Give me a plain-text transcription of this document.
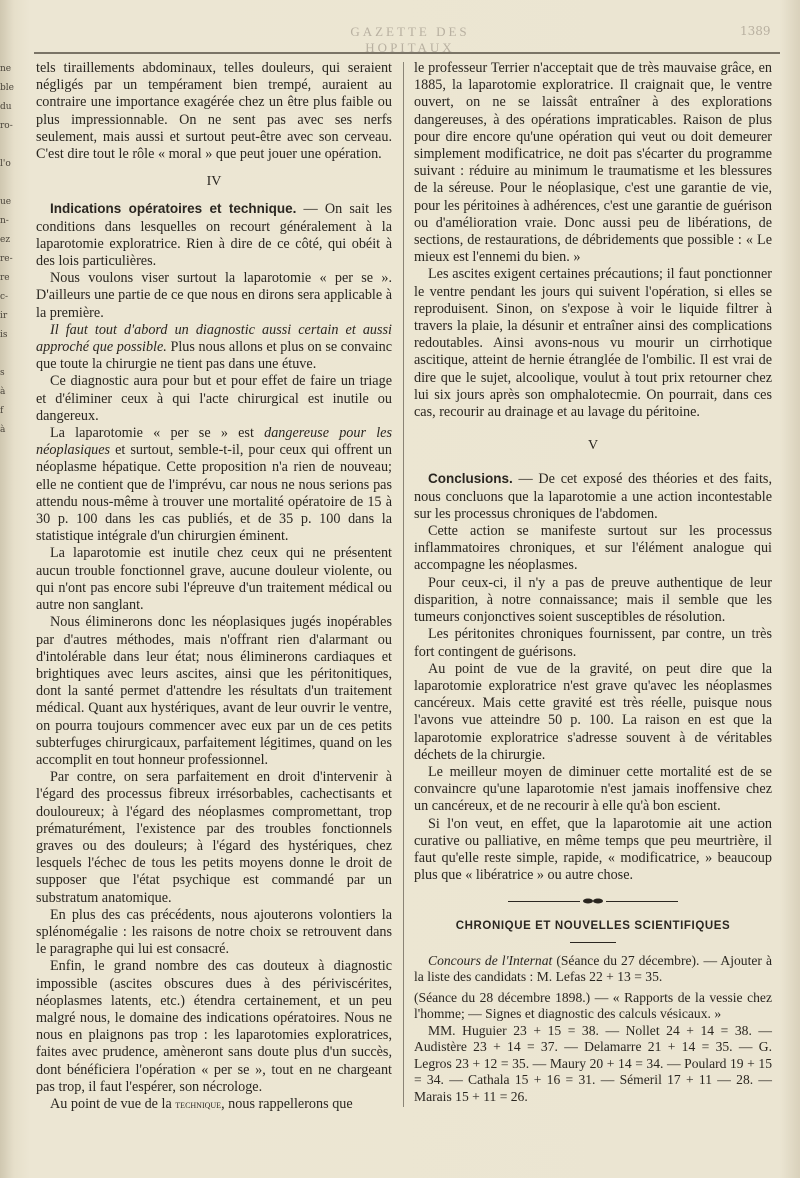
ne
ble
du
ro-

l'o

ue
n-
ez
re-
re
c-
ir
is

s
à
f
à
GAZETTE DES HOPITAUX
1389

tels tiraillements abdominaux, telles douleurs, qui seraient négligés par un tempérament bien trempé, auraient au contraire une importance exagérée chez un être plus faible ou plus impressionnable. On ne sent pas avec ses nerfs seulement, mais aussi et surtout peut-être avec son cerveau. C'est dire tout le rôle « moral » que peut jouer une opération.

IV

Indications opératoires et technique. — On sait les conditions dans lesquelles on recourt généralement à la laparotomie exploratrice. Rien à dire de ce côté, qui obéit à des lois particulières.

Nous voulons viser surtout la laparotomie « per se ». D'ailleurs une partie de ce que nous en dirons sera applicable à la première.

Il faut tout d'abord un diagnostic aussi certain et aussi approché que possible. Plus nous allons et plus on se convainc que toute la chirurgie ne tient pas dans une étuve.

Ce diagnostic aura pour but et pour effet de faire un triage et d'éliminer ceux à qui l'acte chirurgical est inutile ou dangereux.

La laparotomie « per se » est dangereuse pour les néoplasiques et surtout, semble-t-il, pour ceux qui offrent un néoplasme hépatique. Cette proposition n'a rien de nouveau; elle ne contient que de l'imprévu, car nous ne nous serions pas attendu nous-même à trouver une mortalité opératoire de 15 à 30 p. 100 dans les cas publiés, et de 35 p. 100 dans la statistique intégrale d'un chirurgien éminent.

La laparotomie est inutile chez ceux qui ne présentent aucun trouble fonctionnel grave, aucune douleur violente, ou qui n'ont pas encore subi l'épreuve d'un traitement médical ou autre non sanglant.

Nous éliminerons donc les néoplasiques jugés inopérables par d'autres méthodes, mais n'offrant rien d'alarmant ou d'intolérable dans leur état; nous éliminerons cardiaques et brightiques avec leurs ascites, ainsi que les péritonitiques, dont la santé permet d'attendre les résultats d'un traitement médical. Quant aux hystériques, avant de leur ouvrir le ventre, on pourra toujours commencer avec eux par un de ces petits subterfuges chirurgicaux, parfaitement légitimes, quand on les accomplit en tout honneur professionnel.

Par contre, on sera parfaitement en droit d'intervenir à l'égard des processus fibreux irrésorbables, cachectisants et douloureux; à l'égard des néoplasmes compromettant, trop prématurément, l'existence par des troubles fonctionnels graves ou des douleurs; à l'égard des hystériques, chez lesquels l'échec de tous les petits moyens donne le droit de supposer que l'état psychique est commandé par un substratum anatomique.

En plus des cas précédents, nous ajouterons volontiers la splénomégalie : les raisons de notre choix se retrouvent dans le paragraphe qui lui est consacré.

Enfin, le grand nombre des cas douteux à diagnostic impossible (ascites obscures dues à des périviscérites, néoplasmes latents, etc.) étendra certainement, et un peu malgré nous, le domaine des indications opératoires. Nous ne nous en plaignons pas trop : les laparotomies exploratrices, faites avec prudence, amèneront sans doute plus d'un succès, dont bénéficiera l'opération « per se », tout en ne chargeant pas trop, il faut l'espérer, son nécrologe.

Au point de vue de la technique, nous rappellerons que

le professeur Terrier n'acceptait que de très mauvaise grâce, en 1885, la laparotomie exploratrice. Il craignait que, le ventre ouvert, on ne se laissât entraîner à des explorations dangereuses, à des opérations impraticables. Raison de plus pour dire encore qu'une opération qui veut ou doit demeurer simplement modificatrice, ne doit pas s'écarter du programme suivant : réduire au minimum le traumatisme et les blessures de la séreuse. Pour le néoplasique, c'est une garantie de vie, pour les péritoines à adhérences, c'est une garantie de guérison ou d'amélioration vraie. Donc aussi peu de libérations, de sections, de restaurations, de débridements que possible : « Le mieux est l'ennemi du bien. »

Les ascites exigent certaines précautions; il faut ponctionner le ventre pendant les jours qui suivent l'opération, si elles se reproduisent. Sinon, on s'expose à voir le liquide filtrer à travers la plaie, la désunir et entraîner ainsi des complications redoutables. Ainsi avons-nous vu mourir un cirrhotique ascitique, atteint de hernie étranglée de l'ombilic. Il est vrai de dire que le sujet, alcoolique, voulut à tout prix retourner chez lui six jours après son omphalotecmie. On pourrait, dans ces cas, recourir au drainage et au lavage du péritoine.

V

Conclusions. — De cet exposé des théories et des faits, nous concluons que la laparotomie a une action incontestable sur les processus chroniques de l'abdomen.

Cette action se manifeste surtout sur les processus inflammatoires chroniques, et sur l'élément analogue qui accompagne les néoplasmes.

Pour ceux-ci, il n'y a pas de preuve authentique de leur disparition, à notre connaissance; mais il semble que les tumeurs conjonctives soient susceptibles de résolution.

Les péritonites chroniques fournissent, par contre, un très fort contingent de guérisons.

Au point de vue de la gravité, on peut dire que la laparotomie exploratrice n'est grave qu'avec les néoplasmes cancéreux. Mais cette gravité est très réelle, puisque nous l'avons vue atteindre 50 p. 100. La raison en est que la laparotomie exploratrice s'adresse souvent à de véritables déchets de la chirurgie.

Le meilleur moyen de diminuer cette mortalité est de se convaincre qu'une laparotomie n'est jamais inoffensive chez un cancéreux, et de ne recourir à elle qu'à bon escient.

Si l'on veut, en effet, que la laparotomie ait une action curative ou palliative, en même temps que peu meurtrière, il faut qu'elle reste simple, rapide, « modificatrice, » beaucoup plus que « libératrice » ou autre chose.

CHRONIQUE ET NOUVELLES SCIENTIFIQUES

Concours de l'Internat (Séance du 27 décembre). — Ajouter à la liste des candidats : M. Lefas 22 + 13 = 35.

(Séance du 28 décembre 1898.) — « Rapports de la vessie chez l'homme; — Signes et diagnostic des calculs vésicaux. »

MM. Huguier 23 + 15 = 38. — Nollet 24 + 14 = 38. — Audistère 23 + 14 = 37. — Delamarre 21 + 14 = 35. — G. Legros 23 + 12 = 35. — Maury 20 + 14 = 34. — Poulard 19 + 15 = 34. — Cathala 15 + 16 = 31. — Sémeril 17 + 11 — 28. — Marais 15 + 11 = 26.
